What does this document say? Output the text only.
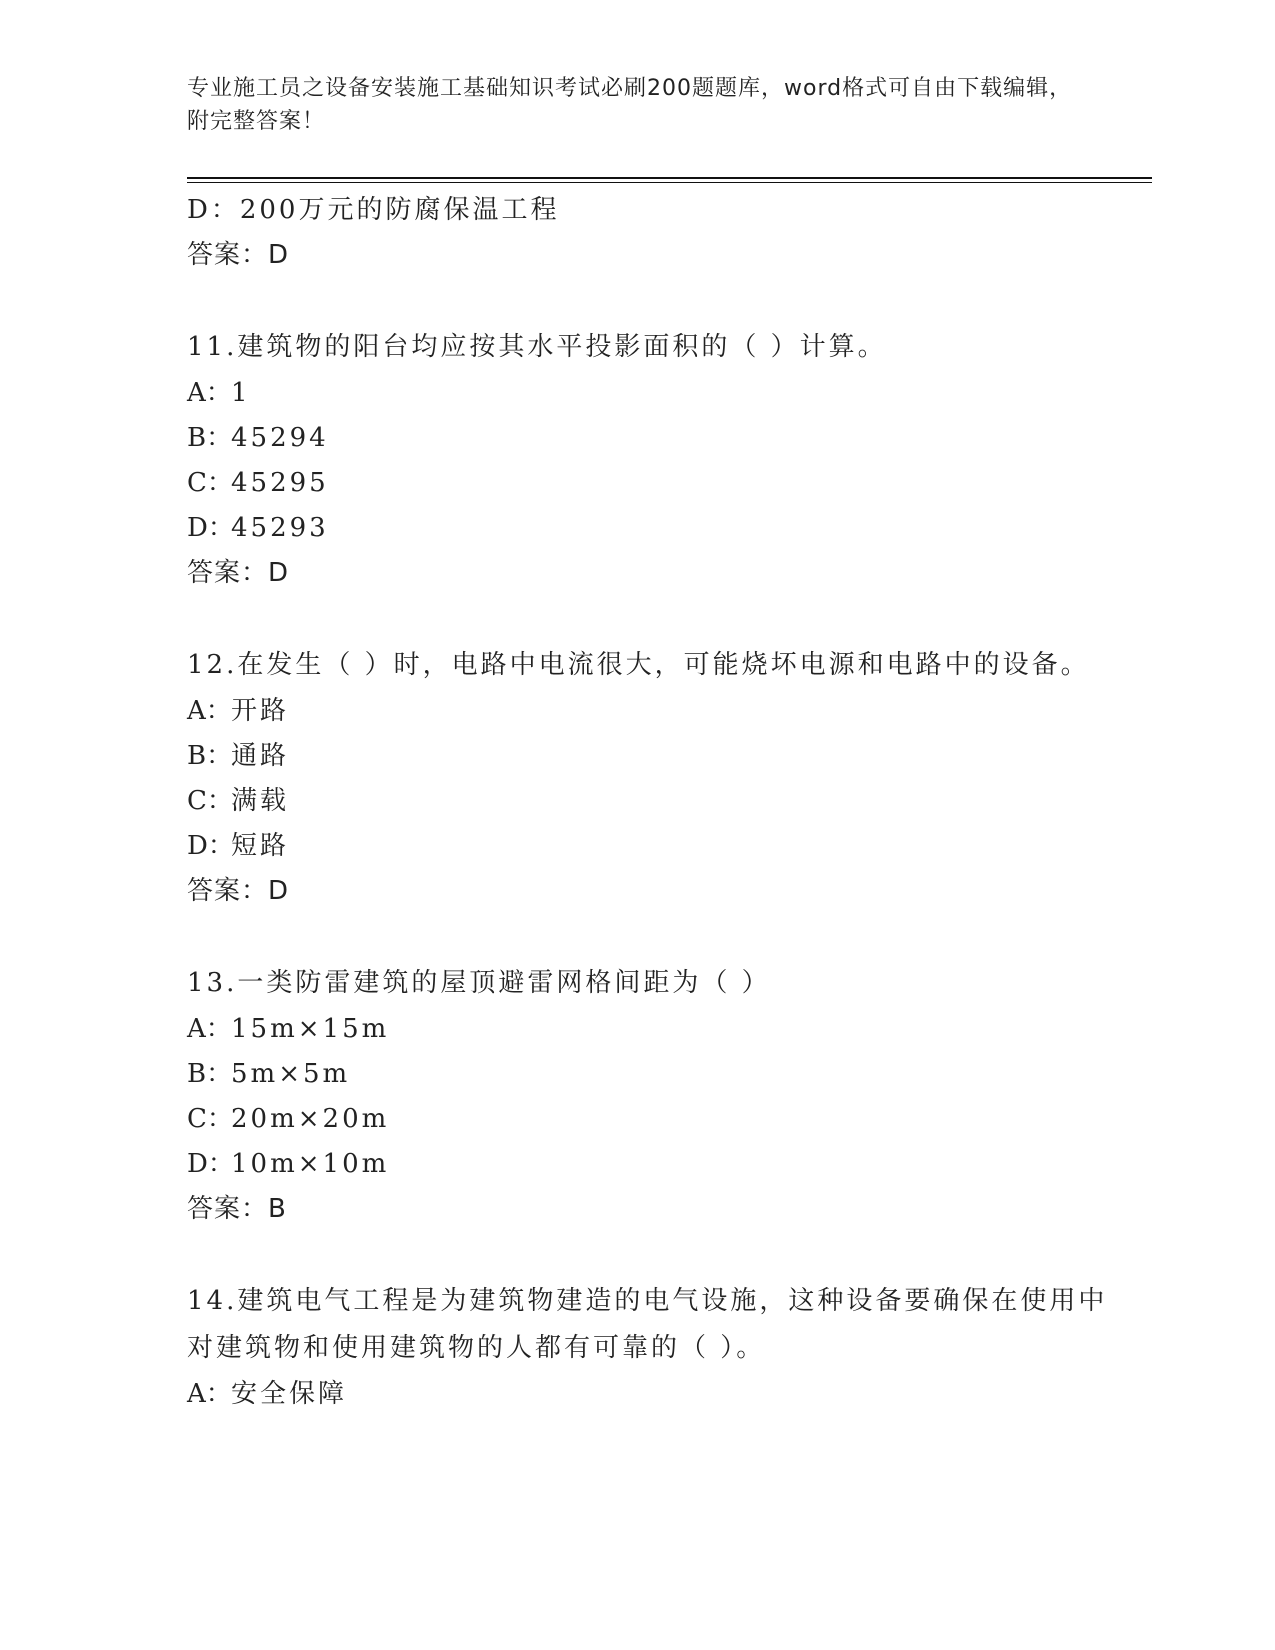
专业施工员之设备安装施工基础知识考试必刷200题题库，word格式可自由下载编辑，附完整答案！
D：200万元的防腐保温工程
答案：D
11.建筑物的阳台均应按其水平投影面积的（ ）计算。
A：1
B：45294
C：45295
D：45293
答案：D
12.在发生（ ）时，电路中电流很大，可能烧坏电源和电路中的设备。
A：开路
B：通路
C：满载
D：短路
答案：D
13.一类防雷建筑的屋顶避雷网格间距为（ ）
A：15m×15m
B：5m×5m
C：20m×20m
D：10m×10m
答案：B
14.建筑电气工程是为建筑物建造的电气设施，这种设备要确保在使用中对建筑物和使用建筑物的人都有可靠的（ ）。
A：安全保障
